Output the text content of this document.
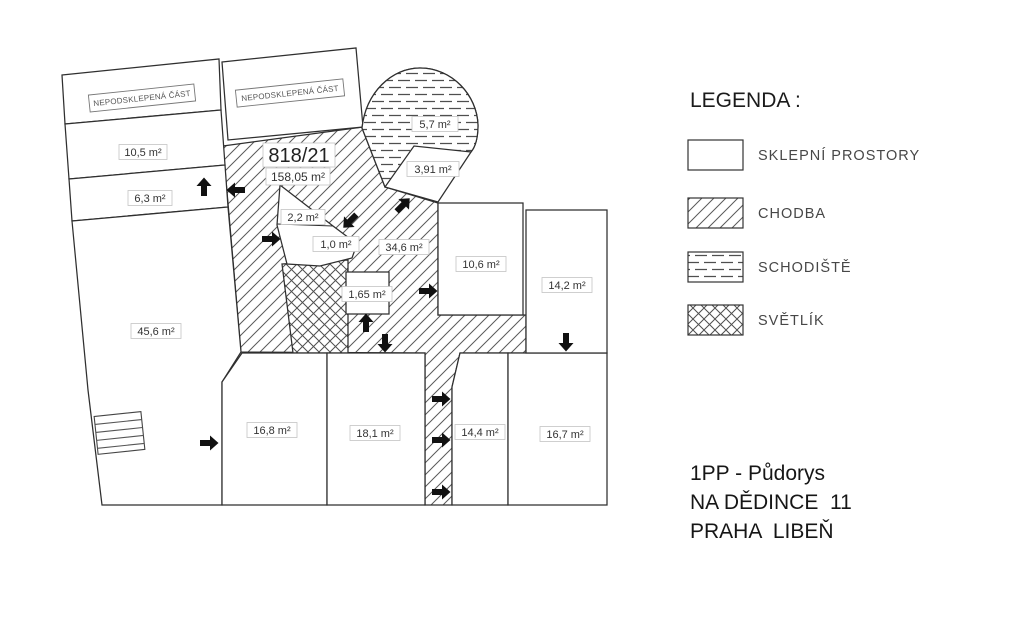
NEPODSKLEPENÁ ČÁST	NEPODSKLEPENÁ ČÁST
818/21
158,05 m²
10,5 m²
6,3 m²
45,6 m²
2,2 m²
1,0 m²	34,6 m²
1,65 m²
5,7 m²
3,91 m²
10,6 m²
14,2 m²
16,8 m²	18,1 m²	14,4 m²	16,7 m²
LEGENDA :
SKLEPNÍ PROSTORY
CHODBA
SCHODIŠTĚ
SVĚTLÍK
1PP - Půdorys
NA DĚDINCE  11
PRAHA  LIBEŇ
